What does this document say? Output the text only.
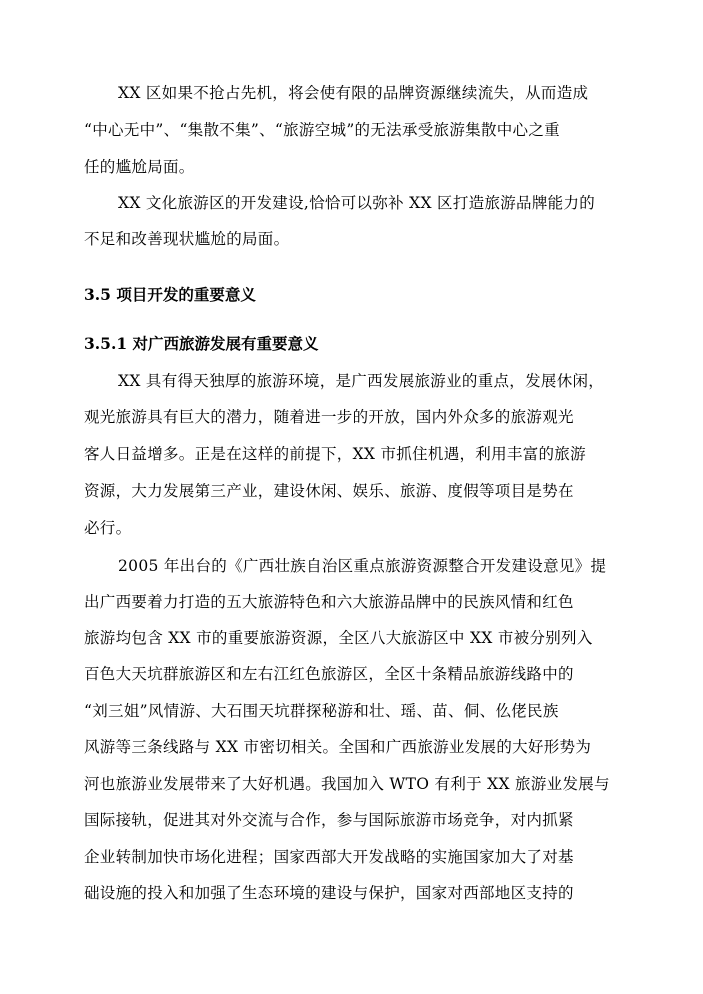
XX 区如果不抢占先机，将会使有限的品牌资源继续流失，从而造成
“中心无中”、“集散不集”、“旅游空城”的无法承受旅游集散中心之重
任的尴尬局面。
XX 文化旅游区的开发建设,恰恰可以弥补 XX 区打造旅游品牌能力的
不足和改善现状尴尬的局面。
3.5 项目开发的重要意义
3.5.1 对广西旅游发展有重要意义
XX 具有得天独厚的旅游环境，是广西发展旅游业的重点，发展休闲，
观光旅游具有巨大的潜力，随着进一步的开放，国内外众多的旅游观光
客人日益增多。正是在这样的前提下，XX 市抓住机遇，利用丰富的旅游
资源，大力发展第三产业，建设休闲、娱乐、旅游、度假等项目是势在
必行。
2005 年出台的《广西壮族自治区重点旅游资源整合开发建设意见》提
出广西要着力打造的五大旅游特色和六大旅游品牌中的民族风情和红色
旅游均包含 XX 市的重要旅游资源，全区八大旅游区中 XX 市被分别列入
百色大天坑群旅游区和左右江红色旅游区，全区十条精品旅游线路中的
“刘三姐”风情游、大石围天坑群探秘游和壮、瑶、苗、侗、仫佬民族
风游等三条线路与 XX 市密切相关。全国和广西旅游业发展的大好形势为
河也旅游业发展带来了大好机遇。我国加入 WTO 有利于 XX 旅游业发展与
国际接轨，促进其对外交流与合作，参与国际旅游市场竞争，对内抓紧
企业转制加快市场化进程；国家西部大开发战略的实施国家加大了对基
础设施的投入和加强了生态环境的建设与保护，国家对西部地区支持的
